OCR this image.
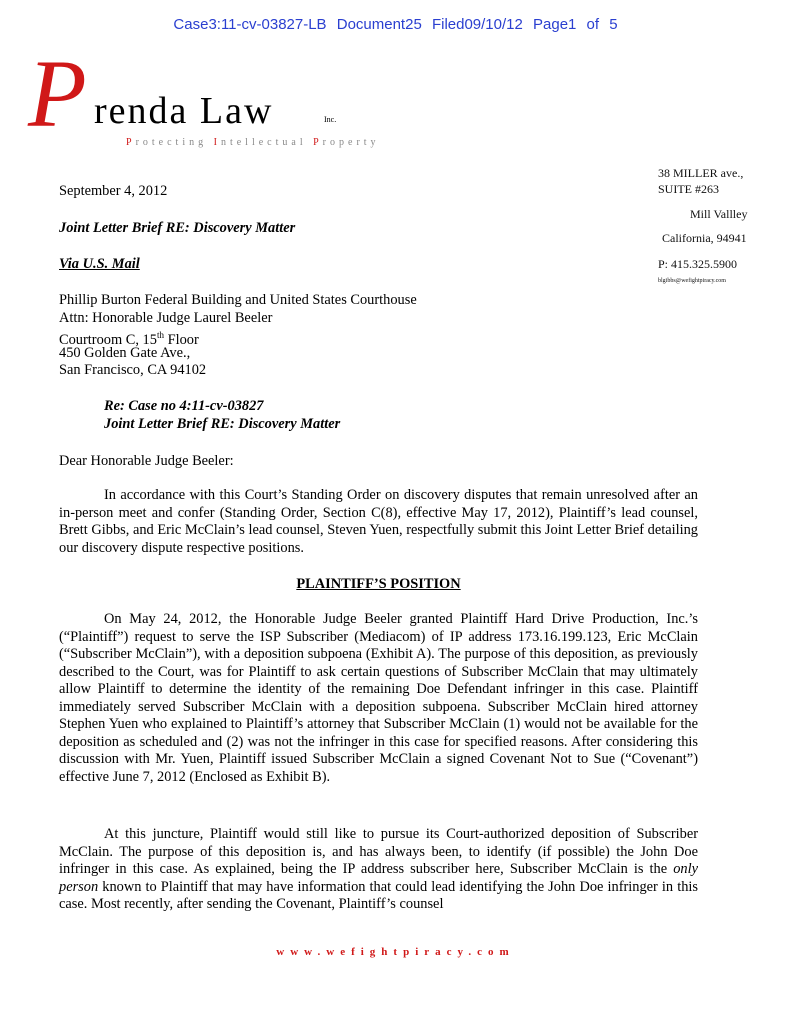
Case3:11-cv-03827-LB Document25 Filed09/10/12 Page1 of 5
P renda Law	Inc.
Protecting Intellectual Property
38 MILLER ave.,
SUITE #263
Mill Vallley
California, 94941
P: 415.325.5900
blgibbs@wefightpiracy.com
September 4, 2012
Joint Letter Brief RE: Discovery Matter
Via U.S. Mail
Phillip Burton Federal Building and United States Courthouse
Attn: Honorable Judge Laurel Beeler
Courtroom C, 15th Floor
450 Golden Gate Ave.,
San Francisco, CA 94102
Re: Case no 4:11-cv-03827
Joint Letter Brief RE: Discovery Matter
Dear Honorable Judge Beeler:

In accordance with this Court’s Standing Order on discovery disputes that remain unresolved after an in-person meet and confer (Standing Order, Section C(8), effective May 17, 2012), Plaintiff’s lead counsel, Brett Gibbs, and Eric McClain’s lead counsel, Steven Yuen, respectfully submit this Joint Letter Brief detailing our discovery dispute respective positions.

PLAINTIFF’S POSITION

On May 24, 2012, the Honorable Judge Beeler granted Plaintiff Hard Drive Production, Inc.’s (“Plaintiff”) request to serve the ISP Subscriber (Mediacom) of IP address 173.16.199.123, Eric McClain (“Subscriber McClain”), with a deposition subpoena (Exhibit A). The purpose of this deposition, as previously described to the Court, was for Plaintiff to ask certain questions of Subscriber McClain that may ultimately allow Plaintiff to determine the identity of the remaining Doe Defendant infringer in this case. Plaintiff immediately served Subscriber McClain with a deposition subpoena. Subscriber McClain hired attorney Stephen Yuen who explained to Plaintiff’s attorney that Subscriber McClain (1) would not be available for the deposition as scheduled and (2) was not the infringer in this case for specified reasons. After considering this discussion with Mr. Yuen, Plaintiff issued Subscriber McClain a signed Covenant Not to Sue (“Covenant”) effective June 7, 2012 (Enclosed as Exhibit B).

At this juncture, Plaintiff would still like to pursue its Court-authorized deposition of Subscriber McClain. The purpose of this deposition is, and has always been, to identify (if possible) the John Doe infringer in this case. As explained, being the IP address subscriber here, Subscriber McClain is the only person known to Plaintiff that may have information that could lead identifying the John Doe infringer in this case. Most recently, after sending the Covenant, Plaintiff’s counsel

www.wefightpiracy.com
